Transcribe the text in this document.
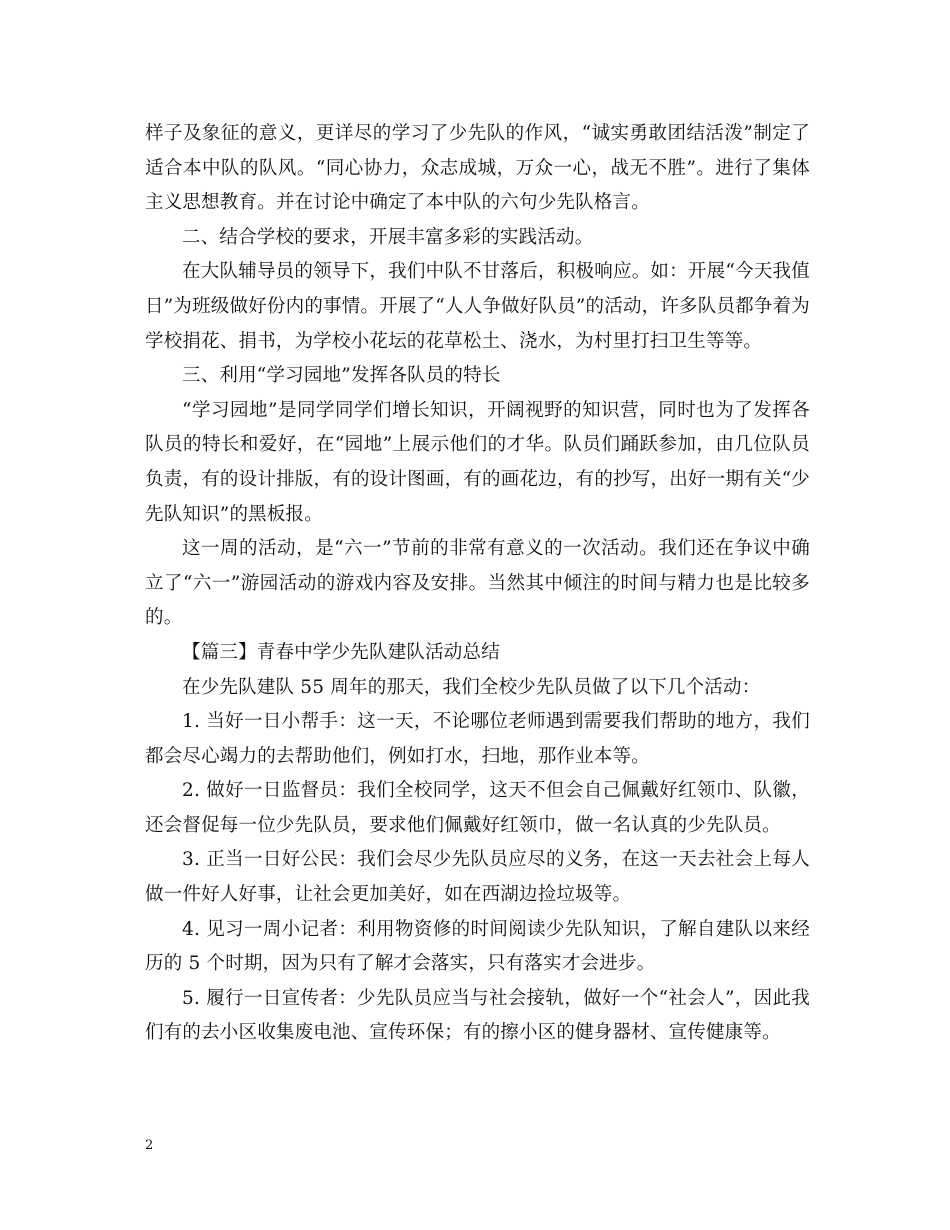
样子及象征的意义，更详尽的学习了少先队的作风，“诚实勇敢团结活泼”制定了适合本中队的队风。“同心协力，众志成城，万众一心，战无不胜”。进行了集体主义思想教育。并在讨论中确定了本中队的六句少先队格言。

二、结合学校的要求，开展丰富多彩的实践活动。

在大队辅导员的领导下，我们中队不甘落后，积极响应。如：开展“今天我值日”为班级做好份内的事情。开展了“人人争做好队员”的活动，许多队员都争着为学校捐花、捐书，为学校小花坛的花草松土、浇水，为村里打扫卫生等等。

三、利用“学习园地”发挥各队员的特长

“学习园地”是同学同学们增长知识，开阔视野的知识营，同时也为了发挥各队员的特长和爱好，在“园地”上展示他们的才华。队员们踊跃参加，由几位队员负责，有的设计排版，有的设计图画，有的画花边，有的抄写，出好一期有关“少先队知识”的黑板报。

这一周的活动，是“六一”节前的非常有意义的一次活动。我们还在争议中确立了“六一”游园活动的游戏内容及安排。当然其中倾注的时间与精力也是比较多的。

【篇三】青春中学少先队建队活动总结

在少先队建队 55 周年的那天，我们全校少先队员做了以下几个活动：

1. 当好一日小帮手：这一天，不论哪位老师遇到需要我们帮助的地方，我们都会尽心竭力的去帮助他们，例如打水，扫地，那作业本等。

2. 做好一日监督员：我们全校同学，这天不但会自己佩戴好红领巾、队徽，还会督促每一位少先队员，要求他们佩戴好红领巾，做一名认真的少先队员。

3. 正当一日好公民：我们会尽少先队员应尽的义务，在这一天去社会上每人做一件好人好事，让社会更加美好，如在西湖边捡垃圾等。

4. 见习一周小记者：利用物资修的时间阅读少先队知识，了解自建队以来经历的 5 个时期，因为只有了解才会落实，只有落实才会进步。

5. 履行一日宣传者：少先队员应当与社会接轨，做好一个“社会人”，因此我们有的去小区收集废电池、宣传环保；有的擦小区的健身器材、宣传健康等。

2
